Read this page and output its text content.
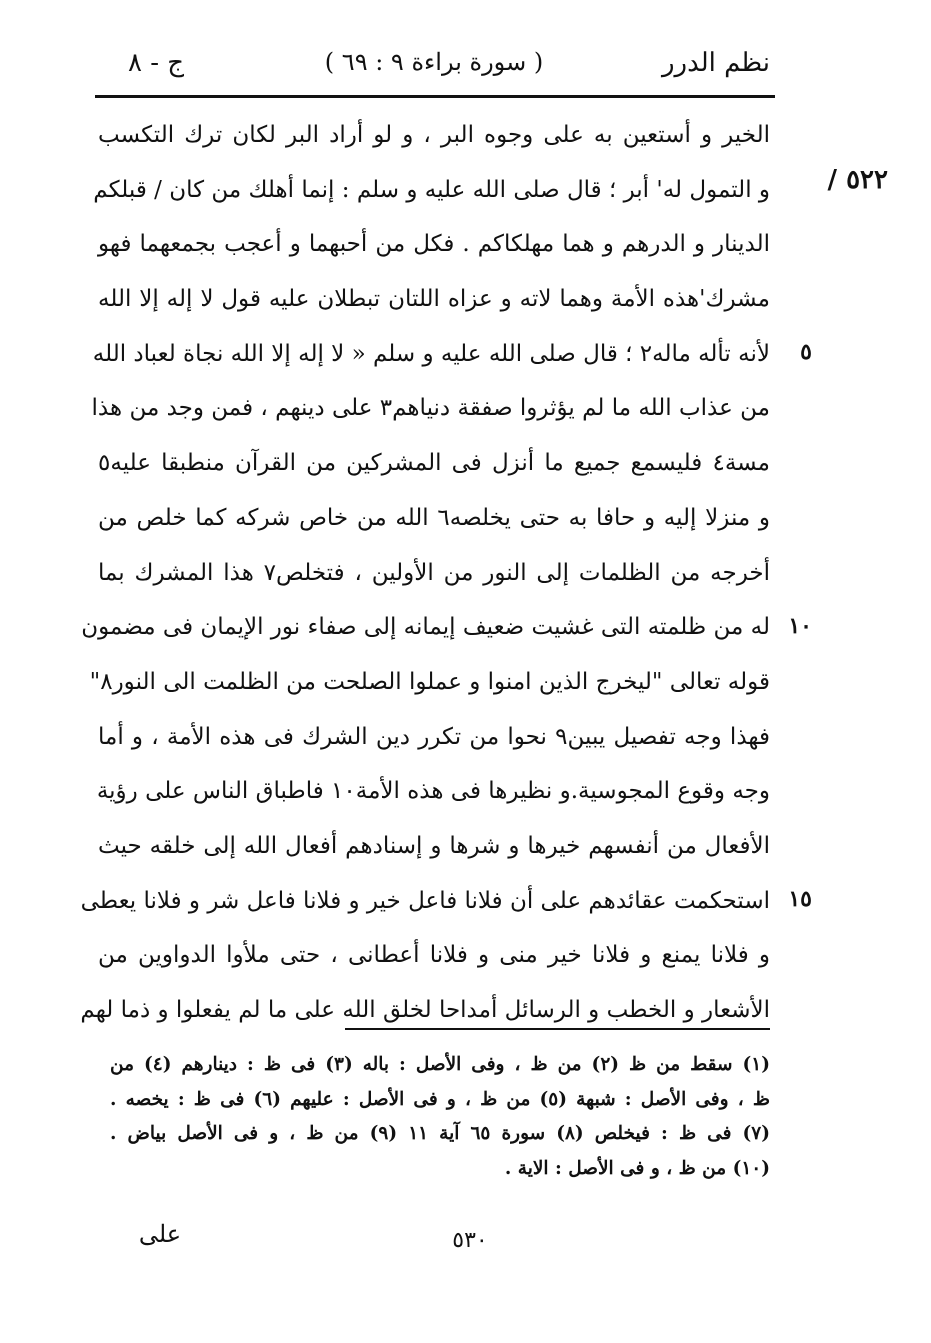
نظم الدرر
( سورة براءة ٩ : ٦٩ )
ج - ٨
٥٢٢ /
٥
١٠
١٥
الخير و أستعين به على وجوه البر ، و لو أراد البر لكان ترك التكسب
و التمول له' أبر ؛ قال صلى الله عليه و سلم : إنما أهلك من كان / قبلكم
الدينار و الدرهم و هما مهلكاكم . فكل من أحبهما و أعجب بجمعهما فهو
مشرك'هذه الأمة وهما لاته و عزاه اللتان تبطلان عليه قول لا إله إلا الله
لأنه تأله ماله٢ ؛ قال صلى الله عليه و سلم « لا إله إلا الله نجاة لعباد الله
من عذاب الله ما لم يؤثروا صفقة دنياهم٣ على دينهم ، فمن وجد من هذا
مسة٤ فليسمع جميع ما أنزل فى المشركين من القرآن منطبقا عليه٥
و منزلا إليه و حافا به حتى يخلصه٦ الله من خاص شركه كما خلص من
أخرجه من الظلمات إلى النور من الأولين ، فتخلص٧ هذا المشرك بما
له من ظلمته التى غشيت ضعيف إيمانه إلى صفاء نور الإيمان فى مضمون
قوله تعالى "ليخرج الذين امنوا و عملوا الصلحت من الظلمت الى النور٨"
فهذا وجه تفصيل يبين٩ نحوا من تكرر دين الشرك فى هذه الأمة ، و أما
وجه وقوع المجوسية.و نظيرها فى هذه الأمة١٠ فاطباق الناس على رؤية
الأفعال من أنفسهم خيرها و شرها و إسنادهم أفعال الله إلى خلقه حيث
استحكمت عقائدهم على أن فلانا فاعل خير و فلانا فاعل شر و فلانا يعطى
و فلانا يمنع و فلانا خير منى و فلانا أعطانى ، حتى ملأوا الدواوين من
الأشعار و الخطب و الرسائل أمداحا لخلق الله على ما لم يفعلوا و ذما لهم
(١) سقط من ظ (٢) من ظ ، وفى الأصل : باله (٣) فى ظ : دينارهم (٤) من
ظ ، وفى الأصل : شبهة (٥) من ظ ، و فى الأصل : عليهم (٦) فى ظ : يخصه .
(٧) فى ظ : فيخلص (٨) سورة ٦٥ آية ١١ (٩) من ظ ، و فى الأصل بياض .
(١٠) من ظ ، و فى الأصل : الاية .
٥٣٠
على
